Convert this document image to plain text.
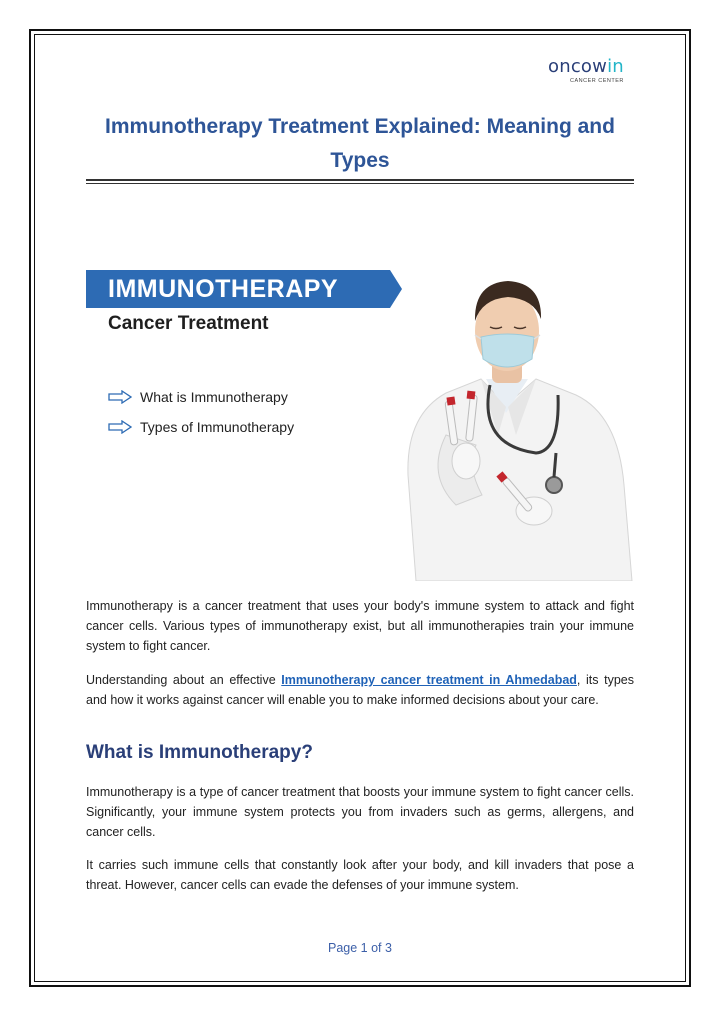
oncowin
CANCER CENTER
Immunotherapy Treatment Explained: Meaning and Types
IMMUNOTHERAPY
Cancer Treatment
What is Immunotherapy
Types of Immunotherapy

Immunotherapy is a cancer treatment that uses your body's immune system to attack and fight cancer cells. Various types of immunotherapy exist, but all immunotherapies train your immune system to fight cancer.

Understanding about an effective Immunotherapy cancer treatment in Ahmedabad, its types and how it works against cancer will enable you to make informed decisions about your care.

What is Immunotherapy?

Immunotherapy is a type of cancer treatment that boosts your immune system to fight cancer cells. Significantly, your immune system protects you from invaders such as germs, allergens, and cancer cells.

It carries such immune cells that constantly look after your body, and kill invaders that pose a threat. However, cancer cells can evade the defenses of your immune system.

Page 1 of 3
